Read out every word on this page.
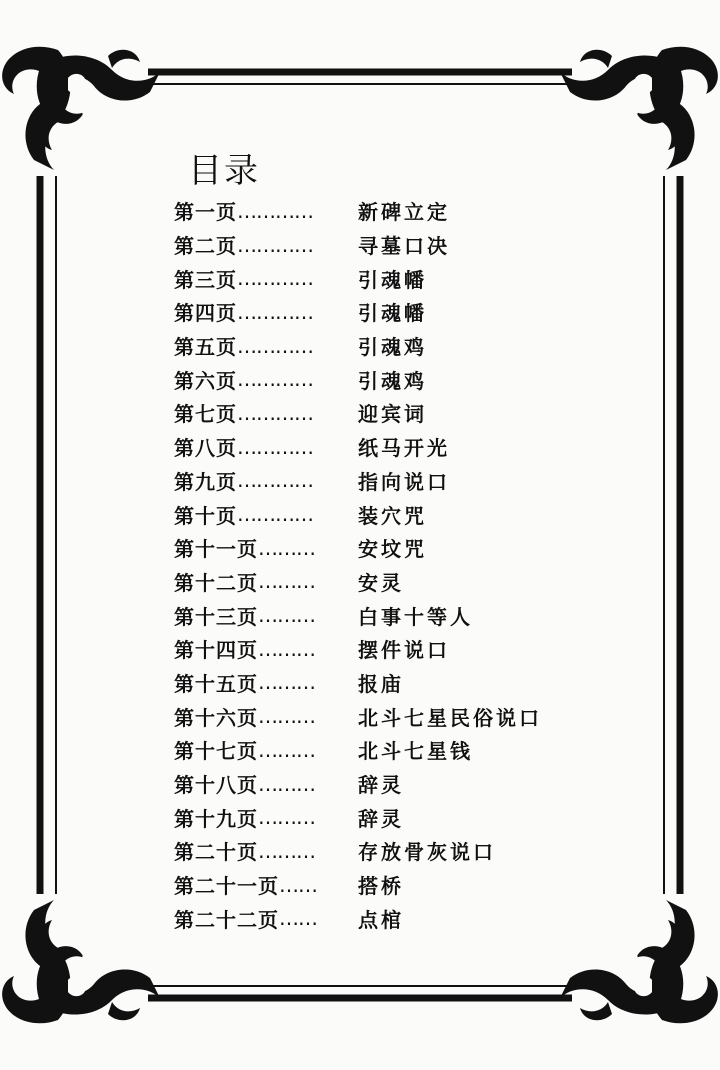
目录
第一页 ………… 新碑立定
第二页 ………… 寻墓口决
第三页 ………… 引魂幡
第四页 ………… 引魂幡
第五页 ………… 引魂鸡
第六页 ………… 引魂鸡
第七页 ………… 迎宾词
第八页 ………… 纸马开光
第九页 ………… 指向说口
第十页 ………… 装穴咒
第十一页 ……… 安坟咒
第十二页 ……… 安灵
第十三页 ……… 白事十等人
第十四页 ……… 摆件说口
第十五页 ……… 报庙
第十六页 ……… 北斗七星民俗说口
第十七页 ……… 北斗七星钱
第十八页 ……… 辞灵
第十九页 ……… 辞灵
第二十页 ……… 存放骨灰说口
第二十一页 …… 搭桥
第二十二页 …… 点棺
